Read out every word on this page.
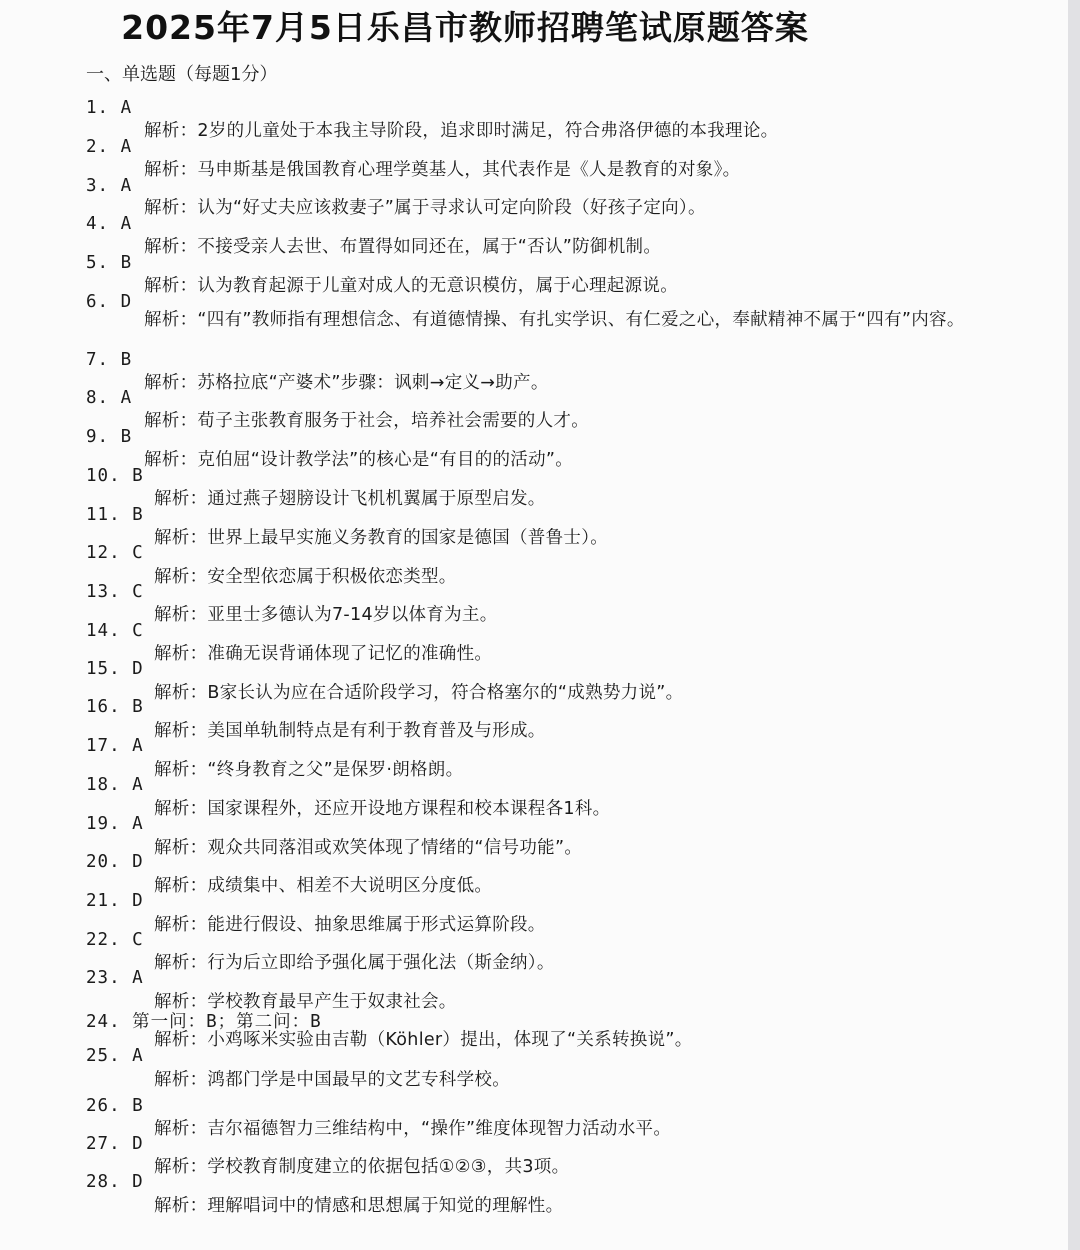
2025年7月5日乐昌市教师招聘笔试原题答案
一、单选题（每题1分）
1. A
2. A
3. A
4. A
5. B
6. D
7. B
8. A
9. B
10. B
11. B
12. C
13. C
14. C
15. D
16. B
17. A
18. A
19. A
20. D
21. D
22. C
23. A
24. 第一问：B；第二问：B
25. A
26. B
27. D
28. D
解析：2岁的儿童处于本我主导阶段，追求即时满足，符合弗洛伊德的本我理论。
解析：马申斯基是俄国教育心理学奠基人，其代表作是《人是教育的对象》。
解析：认为“好丈夫应该救妻子”属于寻求认可定向阶段（好孩子定向）。
解析：不接受亲人去世、布置得如同还在，属于“否认”防御机制。
解析：认为教育起源于儿童对成人的无意识模仿，属于心理起源说。
解析：“四有”教师指有理想信念、有道德情操、有扎实学识、有仁爱之心，奉献精神不属于“四有”内容。
解析：苏格拉底“产婆术”步骤：讽刺→定义→助产。
解析：荀子主张教育服务于社会，培养社会需要的人才。
解析：克伯屈“设计教学法”的核心是“有目的的活动”。
解析：通过燕子翅膀设计飞机机翼属于原型启发。
解析：世界上最早实施义务教育的国家是德国（普鲁士）。
解析：安全型依恋属于积极依恋类型。
解析：亚里士多德认为7-14岁以体育为主。
解析：准确无误背诵体现了记忆的准确性。
解析：B家长认为应在合适阶段学习，符合格塞尔的“成熟势力说”。
解析：美国单轨制特点是有利于教育普及与形成。
解析：“终身教育之父”是保罗·朗格朗。
解析：国家课程外，还应开设地方课程和校本课程各1科。
解析：观众共同落泪或欢笑体现了情绪的“信号功能”。
解析：成绩集中、相差不大说明区分度低。
解析：能进行假设、抽象思维属于形式运算阶段。
解析：行为后立即给予强化属于强化法（斯金纳）。
解析：学校教育最早产生于奴隶社会。
解析：小鸡啄米实验由吉勒（Köhler）提出，体现了“关系转换说”。
解析：鸿都门学是中国最早的文艺专科学校。
解析：吉尔福德智力三维结构中，“操作”维度体现智力活动水平。
解析：学校教育制度建立的依据包括①②③，共3项。
解析：理解唱词中的情感和思想属于知觉的理解性。
